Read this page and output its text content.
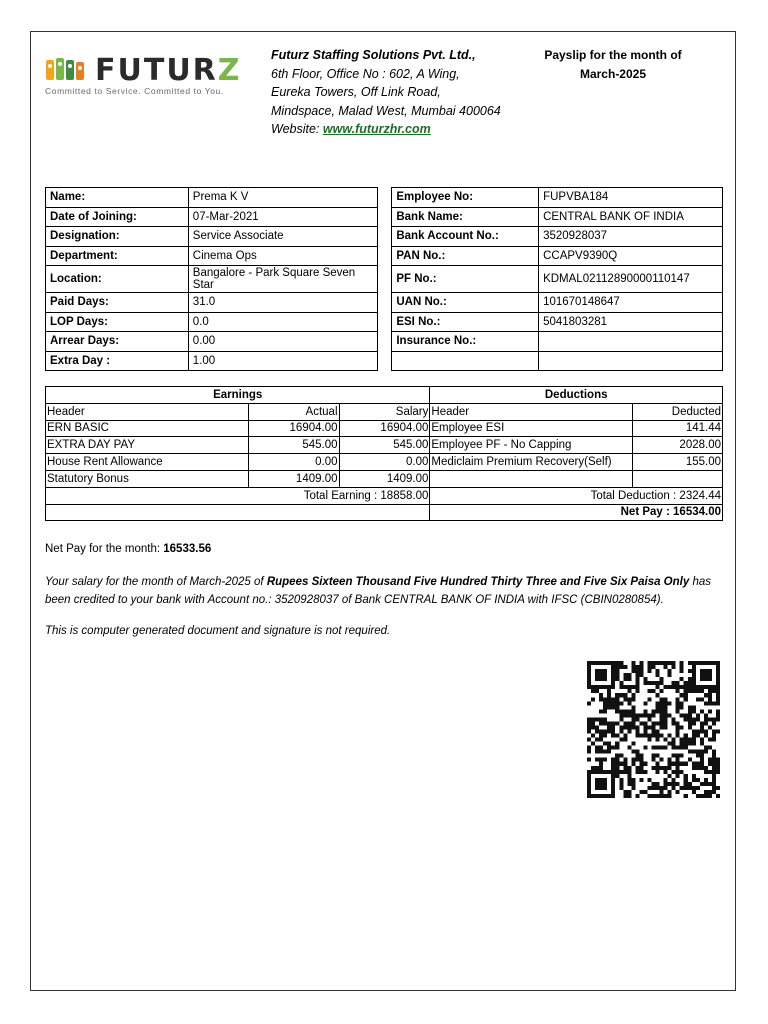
FUTURZ
Committed to Service. Committed to You.
Futurz Staffing Solutions Pvt. Ltd.,
6th Floor, Office No : 602, A Wing,
Eureka Towers, Off Link Road,
Mindspace, Malad West, Mumbai 400064
Website: www.futurzhr.com
Payslip for the month of
March-2025
Name:	Prema K V		Employee No:	FUPVBA184
Date of Joining:	07-Mar-2021		Bank Name:	CENTRAL BANK OF INDIA
Designation:	Service Associate		Bank Account No.:	3520928037
Department:	Cinema Ops		PAN No.:	CCAPV9390Q
Location:	Bangalore - Park Square Seven Star		PF No.:	KDMAL02112890000110147
Paid Days:	31.0		UAN No.:	101670148647
LOP Days:	0.0		ESI No.:	5041803281
Arrear Days:	0.00		Insurance No.:	
Extra Day :	1.00			
Earnings			Deductions	
Header	Actual	Salary	Header	Deducted
ERN BASIC	16904.00	16904.00	Employee ESI	141.44
EXTRA DAY PAY	545.00	545.00	Employee PF - No Capping	2028.00
House Rent Allowance	0.00	0.00	Mediclaim Premium Recovery(Self)	155.00
Statutory Bonus	1409.00	1409.00		
Total Earning : 18858.00			Total Deduction : 2324.44	
			Net Pay : 16534.00	
Net Pay for the month: 16533.56
Your salary for the month of March-2025 of Rupees Sixteen Thousand Five Hundred Thirty Three and Five Six Paisa Only has been credited to your bank with Account no.: 3520928037 of Bank CENTRAL BANK OF INDIA with IFSC (CBIN0280854).
This is computer generated document and signature is not required.
